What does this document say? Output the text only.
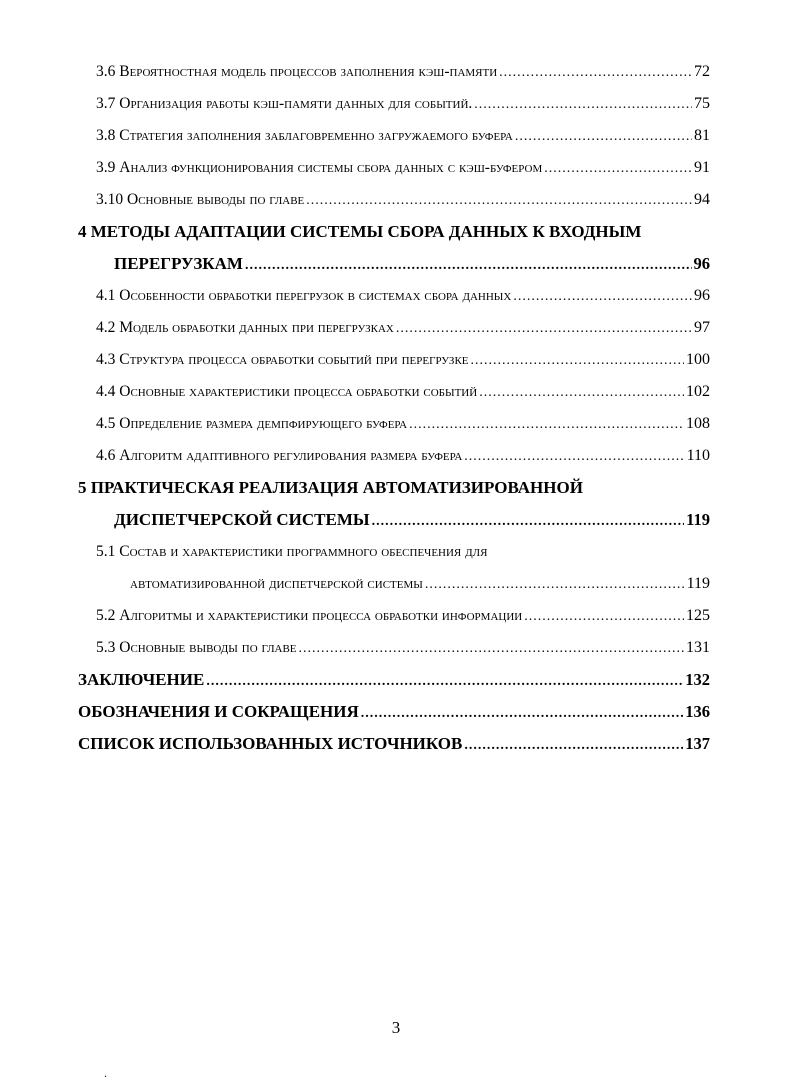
3.6 Вероятностная модель процессов заполнения кэш-памяти .....	72
3.7 Организация работы кэш-памяти данных для событий. .....	75
3.8 Стратегия заполнения заблаговременно загружаемого буфера .....	81
3.9 Анализ функционирования системы сбора данных с кэш-буфером .....	91
3.10 Основные выводы по главе .....	94
4 МЕТОДЫ АДАПТАЦИИ СИСТЕМЫ СБОРА ДАННЫХ К ВХОДНЫМ
ПЕРЕГРУЗКАМ .....	96
4.1 Особенности обработки перегрузок в системах сбора данных .....	96
4.2 Модель обработки данных при перегрузках .....	97
4.3 Структура процесса обработки событий при перегрузке .....	100
4.4 Основные характеристики процесса обработки событий .....	102
4.5 Определение размера демпфирующего буфера .....	108
4.6 Алгоритм адаптивного регулирования размера буфера .....	110
5 ПРАКТИЧЕСКАЯ РЕАЛИЗАЦИЯ АВТОМАТИЗИРОВАННОЙ
ДИСПЕТЧЕРСКОЙ СИСТЕМЫ .....	119
5.1 Состав и характеристики программного обеспечения для
автоматизированной диспетчерской системы .....	119
5.2 Алгоритмы и характеристики процесса обработки информации .....	125
5.3 Основные выводы по главе .....	131
ЗАКЛЮЧЕНИЕ .....	132
ОБОЗНАЧЕНИЯ И СОКРАЩЕНИЯ .....	136
СПИСОК ИСПОЛЬЗОВАННЫХ ИСТОЧНИКОВ .....	137
3
.
